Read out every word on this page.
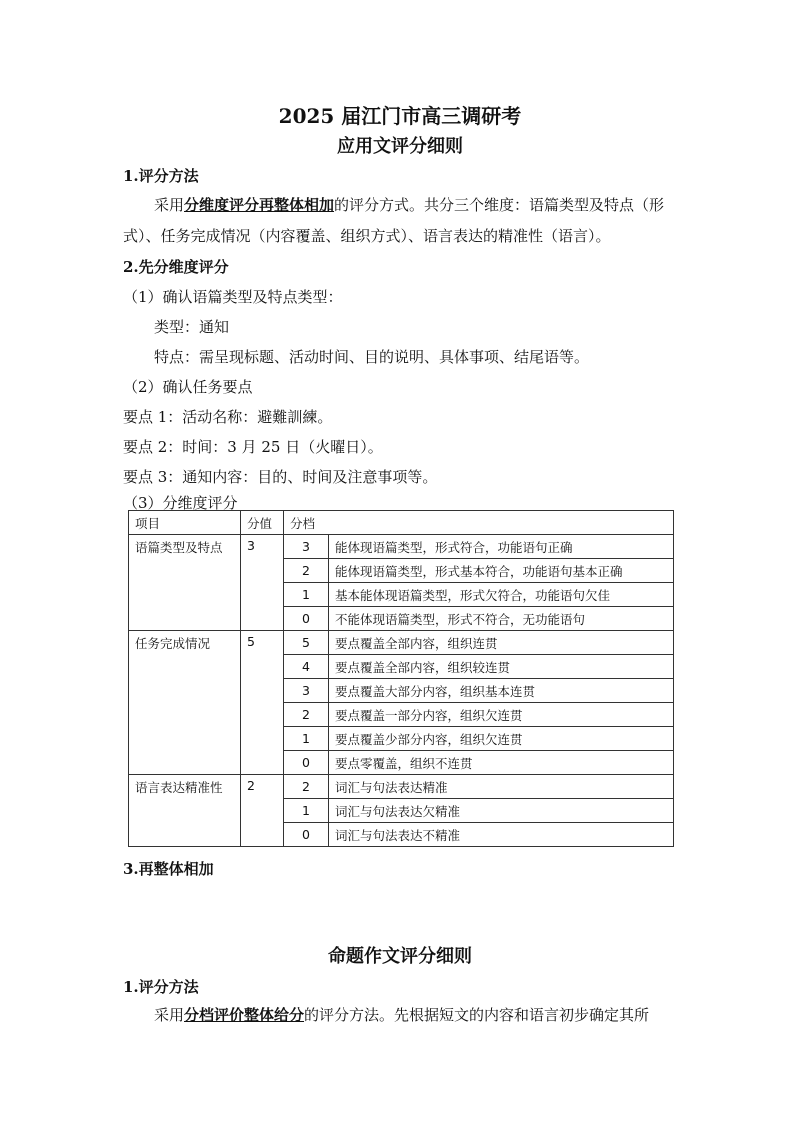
2025 届江门市高三调研考
应用文评分细则
1.评分方法
采用分维度评分再整体相加的评分方式。共分三个维度：语篇类型及特点（形
式）、任务完成情况（内容覆盖、组织方式）、语言表达的精准性（语言）。
2.先分维度评分
（1）确认语篇类型及特点类型：
类型：通知
特点：需呈现标题、活动时间、目的说明、具体事项、结尾语等。
（2）确认任务要点
要点 1：活动名称：避難訓練。
要点 2：时间：3 月 25 日（火曜日）。
要点 3：通知内容：目的、时间及注意事项等。
（3）分维度评分
项目	分值	分档	
语篇类型及特点	3	3	能体现语篇类型，形式符合，功能语句正确
		2	能体现语篇类型，形式基本符合，功能语句基本正确
		1	基本能体现语篇类型，形式欠符合，功能语句欠佳
		0	不能体现语篇类型，形式不符合，无功能语句
任务完成情况	5	5	要点覆盖全部内容，组织连贯
		4	要点覆盖全部内容，组织较连贯
		3	要点覆盖大部分内容，组织基本连贯
		2	要点覆盖一部分内容，组织欠连贯
		1	要点覆盖少部分内容，组织欠连贯
		0	要点零覆盖，组织不连贯
语言表达精准性	2	2	词汇与句法表达精准
		1	词汇与句法表达欠精准
		0	词汇与句法表达不精准
3.再整体相加
命题作文评分细则
1.评分方法
采用分档评价整体给分的评分方法。先根据短文的内容和语言初步确定其所
